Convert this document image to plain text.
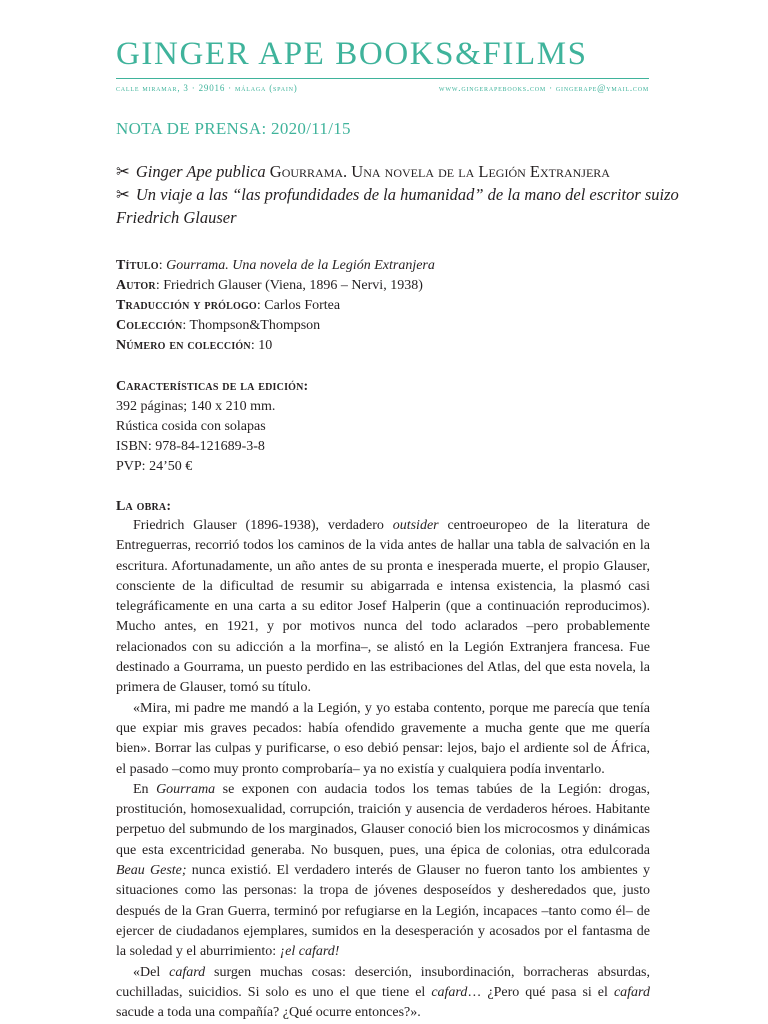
GINGER APE BOOKS&FILMS
calle miramar, 3 · 29016 · málaga (spain)	www.gingerapebooks.com · gingerape@ymail.com
NOTA DE PRENSA: 2020/11/15
✂ Ginger Ape publica Gourrama. Una novela de la Legión Extranjera
✂ Un viaje a las “las profundidades de la humanidad” de la mano del escritor suizo Friedrich Glauser
Título: Gourrama. Una novela de la Legión Extranjera
Autor: Friedrich Glauser (Viena, 1896 – Nervi, 1938)
Traducción y prólogo: Carlos Fortea
Colección: Thompson&Thompson
Número en colección: 10
Características de la edición:
392 páginas; 140 x 210 mm.
Rústica cosida con solapas
ISBN: 978-84-121689-3-8
PVP: 24’50 €
La obra:

Friedrich Glauser (1896-1938), verdadero outsider centroeuropeo de la literatura de Entreguerras, recorrió todos los caminos de la vida antes de hallar una tabla de salvación en la escritura. Afortunadamente, un año antes de su pronta e inesperada muerte, el propio Glauser, consciente de la dificultad de resumir su abigarrada e intensa existencia, la plasmó casi telegráficamente en una carta a su editor Josef Halperin (que a continuación reproducimos). Mucho antes, en 1921, y por motivos nunca del todo aclarados –pero probablemente relacionados con su adicción a la morfina–, se alistó en la Legión Extranjera francesa. Fue destinado a Gourrama, un puesto perdido en las estribaciones del Atlas, del que esta novela, la primera de Glauser, tomó su título.

«Mira, mi padre me mandó a la Legión, y yo estaba contento, porque me parecía que tenía que expiar mis graves pecados: había ofendido gravemente a mucha gente que me quería bien». Borrar las culpas y purificarse, o eso debió pensar: lejos, bajo el ardiente sol de África, el pasado –como muy pronto comprobaría– ya no existía y cualquiera podía inventarlo.

En Gourrama se exponen con audacia todos los temas tabúes de la Legión: drogas, prostitución, homosexualidad, corrupción, traición y ausencia de verdaderos héroes. Habitante perpetuo del submundo de los marginados, Glauser conoció bien los microcosmos y dinámicas que esta excentricidad generaba. No busquen, pues, una épica de colonias, otra edulcorada Beau Geste; nunca existió. El verdadero interés de Glauser no fueron tanto los ambientes y situaciones como las personas: la tropa de jóvenes desposeídos y desheredados que, justo después de la Gran Guerra, terminó por refugiarse en la Legión, incapaces –tanto como él– de ejercer de ciudadanos ejemplares, sumidos en la desesperación y acosados por el fantasma de la soledad y el aburrimiento: ¡el cafard!

«Del cafard surgen muchas cosas: deserción, insubordinación, borracheras absurdas, cuchilladas, suicidios. Si solo es uno el que tiene el cafard… ¿Pero qué pasa si el cafard sacude a toda una compañía? ¿Qué ocurre entonces?».
